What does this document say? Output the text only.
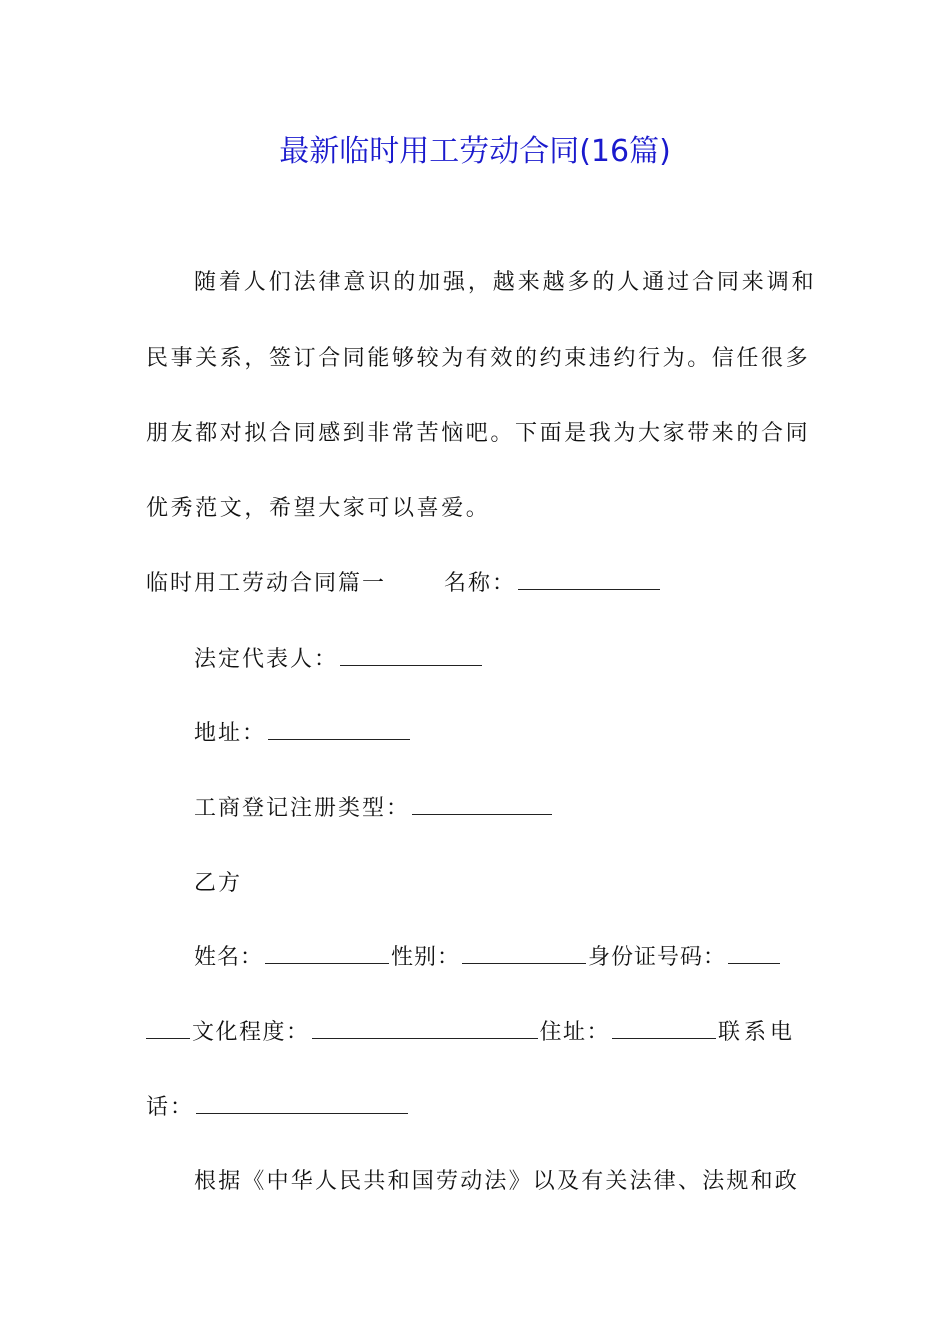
最新临时用工劳动合同(16篇)
随着人们法律意识的加强，越来越多的人通过合同来调和
民事关系，签订合同能够较为有效的约束违约行为。信任很多
朋友都对拟合同感到非常苦恼吧。下面是我为大家带来的合同
优秀范文，希望大家可以喜爱。
临时用工劳动合同篇一	名称：
法定代表人：
地址：
工商登记注册类型：
乙方
姓名：	性别：	身份证号码：
文化程度：	住址：	联系电
话：
根据《中华人民共和国劳动法》以及有关法律、法规和政
